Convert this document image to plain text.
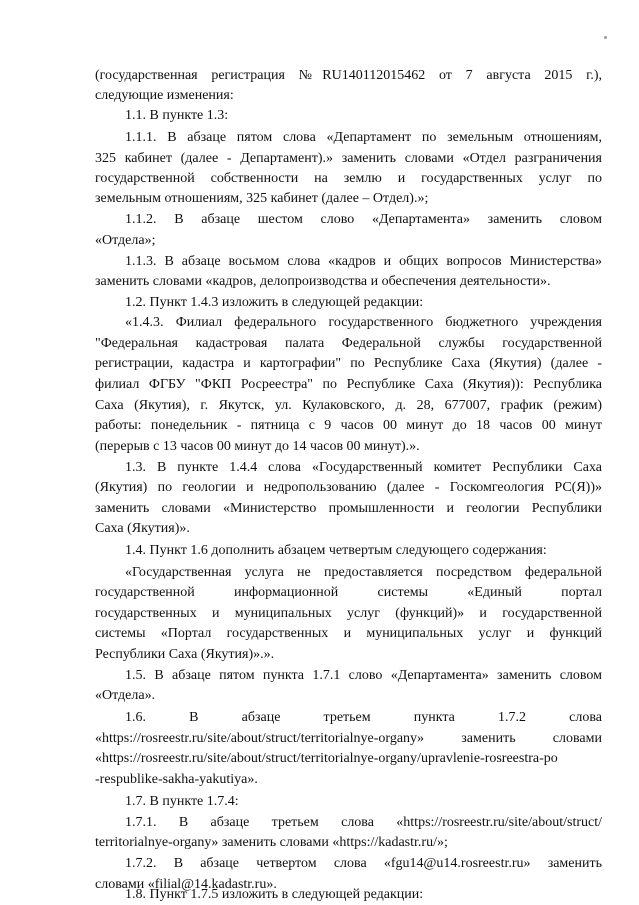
(государственная регистрация №RU140112015462 от 7 августа 2015 г.),
следующие изменения:
1.1. В пункте 1.3:
1.1.1. В абзаце пятом слова «Департамент по земельным отношениям,
325 кабинет (далее - Департамент).» заменить словами «Отдел разграничения
государственной собственности на землю и государственных услуг по
земельным отношениям, 325 кабинет (далее – Отдел).»;
1.1.2. В абзаце шестом слово «Департамента» заменить словом
«Отдела»;
1.1.3. В абзаце восьмом слова «кадров и общих вопросов Министерства»
заменить словами «кадров, делопроизводства и обеспечения деятельности».
1.2. Пункт 1.4.3 изложить в следующей редакции:
«1.4.3. Филиал федерального государственного бюджетного учреждения
"Федеральная кадастровая палата Федеральной службы государственной
регистрации, кадастра и картографии" по Республике Саха (Якутия) (далее -
филиал ФГБУ "ФКП Росреестра" по Республике Саха (Якутия)): Республика
Саха (Якутия), г. Якутск, ул. Кулаковского, д. 28, 677007, график (режим)
работы: понедельник - пятница с 9 часов 00 минут до 18 часов 00 минут
(перерыв с 13 часов 00 минут до 14 часов 00 минут).».
1.3. В пункте 1.4.4 слова «Государственный комитет Республики Саха
(Якутия) по геологии и недропользованию (далее - Госкомгеология РС(Я))»
заменить словами «Министерство промышленности и геологии Республики
Саха (Якутия)».
1.4. Пункт 1.6 дополнить абзацем четвертым следующего содержания:
«Государственная услуга не предоставляется посредством федеральной
государственной информационной системы «Единый портал
государственных и муниципальных услуг (функций)» и государственной
системы «Портал государственных и муниципальных услуг и функций
Республики Саха (Якутия)».».
1.5. В абзаце пятом пункта 1.7.1 слово «Департамента» заменить словом
«Отдела».
1.6. В абзаце третьем пункта 1.7.2 слова
«https://rosreestr.ru/site/about/struct/territorialnye-organy» заменить словами
«https://rosreestr.ru/site/about/struct/territorialnye-organy/upravlenie-rosreestra-po
-respublike-sakha-yakutiya».
1.7. В пункте 1.7.4:
1.7.1. В абзаце третьем слова «https://rosreestr.ru/site/about/struct/
territorialnye-organy» заменить словами «https://kadastr.ru/»;
1.7.2. В абзаце четвертом слова «fgu14@u14.rosreestr.ru» заменить
словами «filial@14.kadastr.ru».
1.8. Пункт 1.7.5 изложить в следующей редакции:
